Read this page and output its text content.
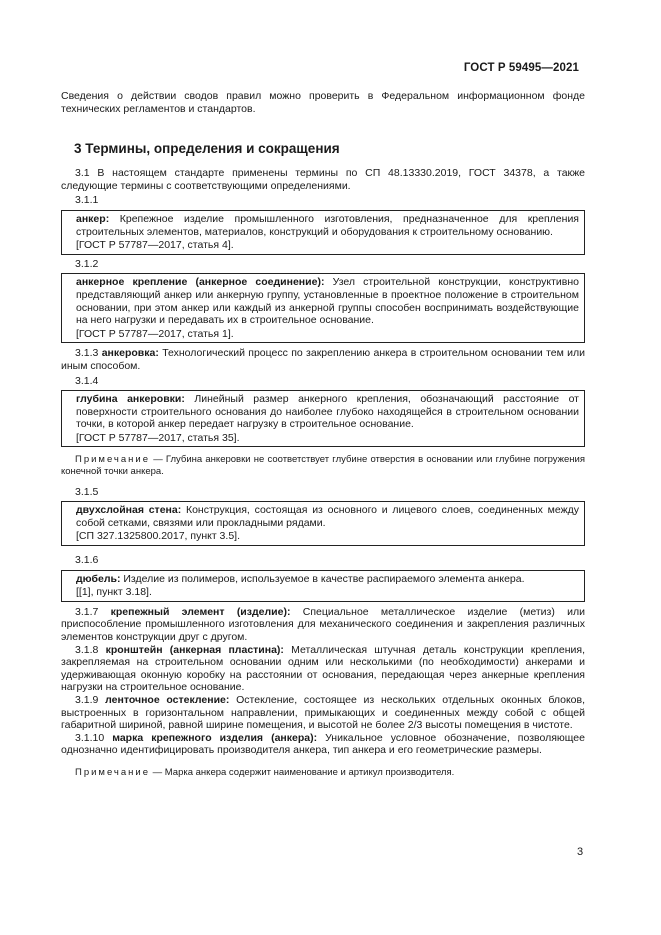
ГОСТ Р 59495—2021

Сведения о действии сводов правил можно проверить в Федеральном информационном фонде технических регламентов и стандартов.

3 Термины, определения и сокращения

3.1 В настоящем стандарте применены термины по СП 48.13330.2019, ГОСТ 34378, а также следующие термины с соответствующими определениями.

3.1.1

анкер: Крепежное изделие промышленного изготовления, предназначенное для крепления строительных элементов, материалов, конструкций и оборудования к строительному основанию.

[ГОСТ Р 57787—2017, статья 4].

3.1.2

анкерное крепление (анкерное соединение): Узел строительной конструкции, конструктивно представляющий анкер или анкерную группу, установленные в проектное положение в строительном основании, при этом анкер или каждый из анкерной группы способен воспринимать воздействующие на него нагрузки и передавать их в строительное основание.

[ГОСТ Р 57787—2017, статья 1].

3.1.3 анкеровка: Технологический процесс по закреплению анкера в строительном основании тем или иным способом.

3.1.4

глубина анкеровки: Линейный размер анкерного крепления, обозначающий расстояние от поверхности строительного основания до наиболее глубоко находящейся в строительном основании точки, в которой анкер передает нагрузку в строительное основание.

[ГОСТ Р 57787—2017, статья 35].

Примечание — Глубина анкеровки не соответствует глубине отверстия в основании или глубине погружения конечной точки анкера.

3.1.5

двухслойная стена: Конструкция, состоящая из основного и лицевого слоев, соединенных между собой сетками, связями или прокладными рядами.

[СП 327.1325800.2017, пункт 3.5].

3.1.6

дюбель: Изделие из полимеров, используемое в качестве распираемого элемента анкера.

[[1], пункт 3.18].

3.1.7 крепежный элемент (изделие): Специальное металлическое изделие (метиз) или приспособление промышленного изготовления для механического соединения и закрепления различных элементов конструкции друг с другом.

3.1.8 кронштейн (анкерная пластина): Металлическая штучная деталь конструкции крепления, закрепляемая на строительном основании одним или несколькими (по необходимости) анкерами и удерживающая оконную коробку на расстоянии от основания, передающая через анкерные крепления нагрузки на строительное основание.

3.1.9 ленточное остекление: Остекление, состоящее из нескольких отдельных оконных блоков, выстроенных в горизонтальном направлении, примыкающих и соединенных между собой с общей габаритной шириной, равной ширине помещения, и высотой не более 2/3 высоты помещения в чистоте.

3.1.10 марка крепежного изделия (анкера): Уникальное условное обозначение, позволяющее однозначно идентифицировать производителя анкера, тип анкера и его геометрические размеры.

Примечание — Марка анкера содержит наименование и артикул производителя.

3
